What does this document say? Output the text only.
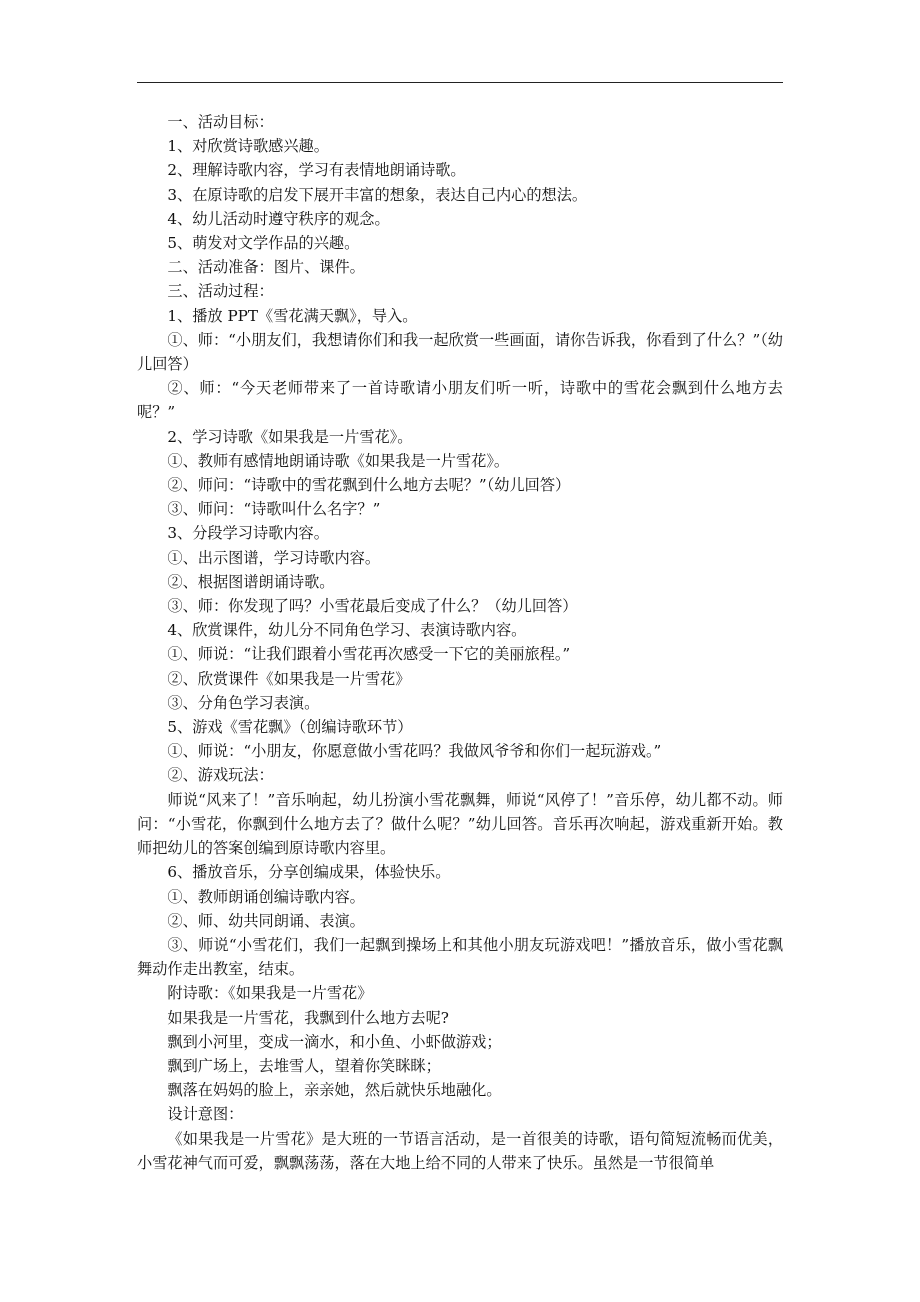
一、活动目标：

1、对欣赏诗歌感兴趣。

2、理解诗歌内容，学习有表情地朗诵诗歌。

3、在原诗歌的启发下展开丰富的想象，表达自己内心的想法。

4、幼儿活动时遵守秩序的观念。

5、萌发对文学作品的兴趣。

二、活动准备：图片、课件。

三、活动过程：

1、播放 PPT《雪花满天飘》，导入。

①、师：“小朋友们，我想请你们和我一起欣赏一些画面，请你告诉我，你看到了什么？”（幼儿回答）

②、师：“今天老师带来了一首诗歌请小朋友们听一听，诗歌中的雪花会飘到什么地方去呢？”

2、学习诗歌《如果我是一片雪花》。

①、教师有感情地朗诵诗歌《如果我是一片雪花》。

②、师问：“诗歌中的雪花飘到什么地方去呢？”（幼儿回答）

③、师问：“诗歌叫什么名字？”

3、分段学习诗歌内容。

①、出示图谱，学习诗歌内容。

②、根据图谱朗诵诗歌。

③、师：你发现了吗？小雪花最后变成了什么？（幼儿回答）

4、欣赏课件，幼儿分不同角色学习、表演诗歌内容。

①、师说：“让我们跟着小雪花再次感受一下它的美丽旅程。”

②、欣赏课件《如果我是一片雪花》

③、分角色学习表演。

5、游戏《雪花飘》（创编诗歌环节）

①、师说：“小朋友，你愿意做小雪花吗？我做风爷爷和你们一起玩游戏。”

②、游戏玩法：

师说“风来了！”音乐响起，幼儿扮演小雪花飘舞，师说“风停了！”音乐停，幼儿都不动。师问：“小雪花，你飘到什么地方去了？做什么呢？”幼儿回答。音乐再次响起，游戏重新开始。教师把幼儿的答案创编到原诗歌内容里。

6、播放音乐，分享创编成果，体验快乐。

①、教师朗诵创编诗歌内容。

②、师、幼共同朗诵、表演。

③、师说“小雪花们，我们一起飘到操场上和其他小朋友玩游戏吧！”播放音乐，做小雪花飘舞动作走出教室，结束。

附诗歌：《如果我是一片雪花》

如果我是一片雪花，我飘到什么地方去呢?

飘到小河里，变成一滴水，和小鱼、小虾做游戏；

飘到广场上，去堆雪人，望着你笑眯眯；

飘落在妈妈的脸上，亲亲她，然后就快乐地融化。

设计意图：

《如果我是一片雪花》是大班的一节语言活动，是一首很美的诗歌，语句简短流畅而优美，小雪花神气而可爱，飘飘荡荡，落在大地上给不同的人带来了快乐。虽然是一节很简单
